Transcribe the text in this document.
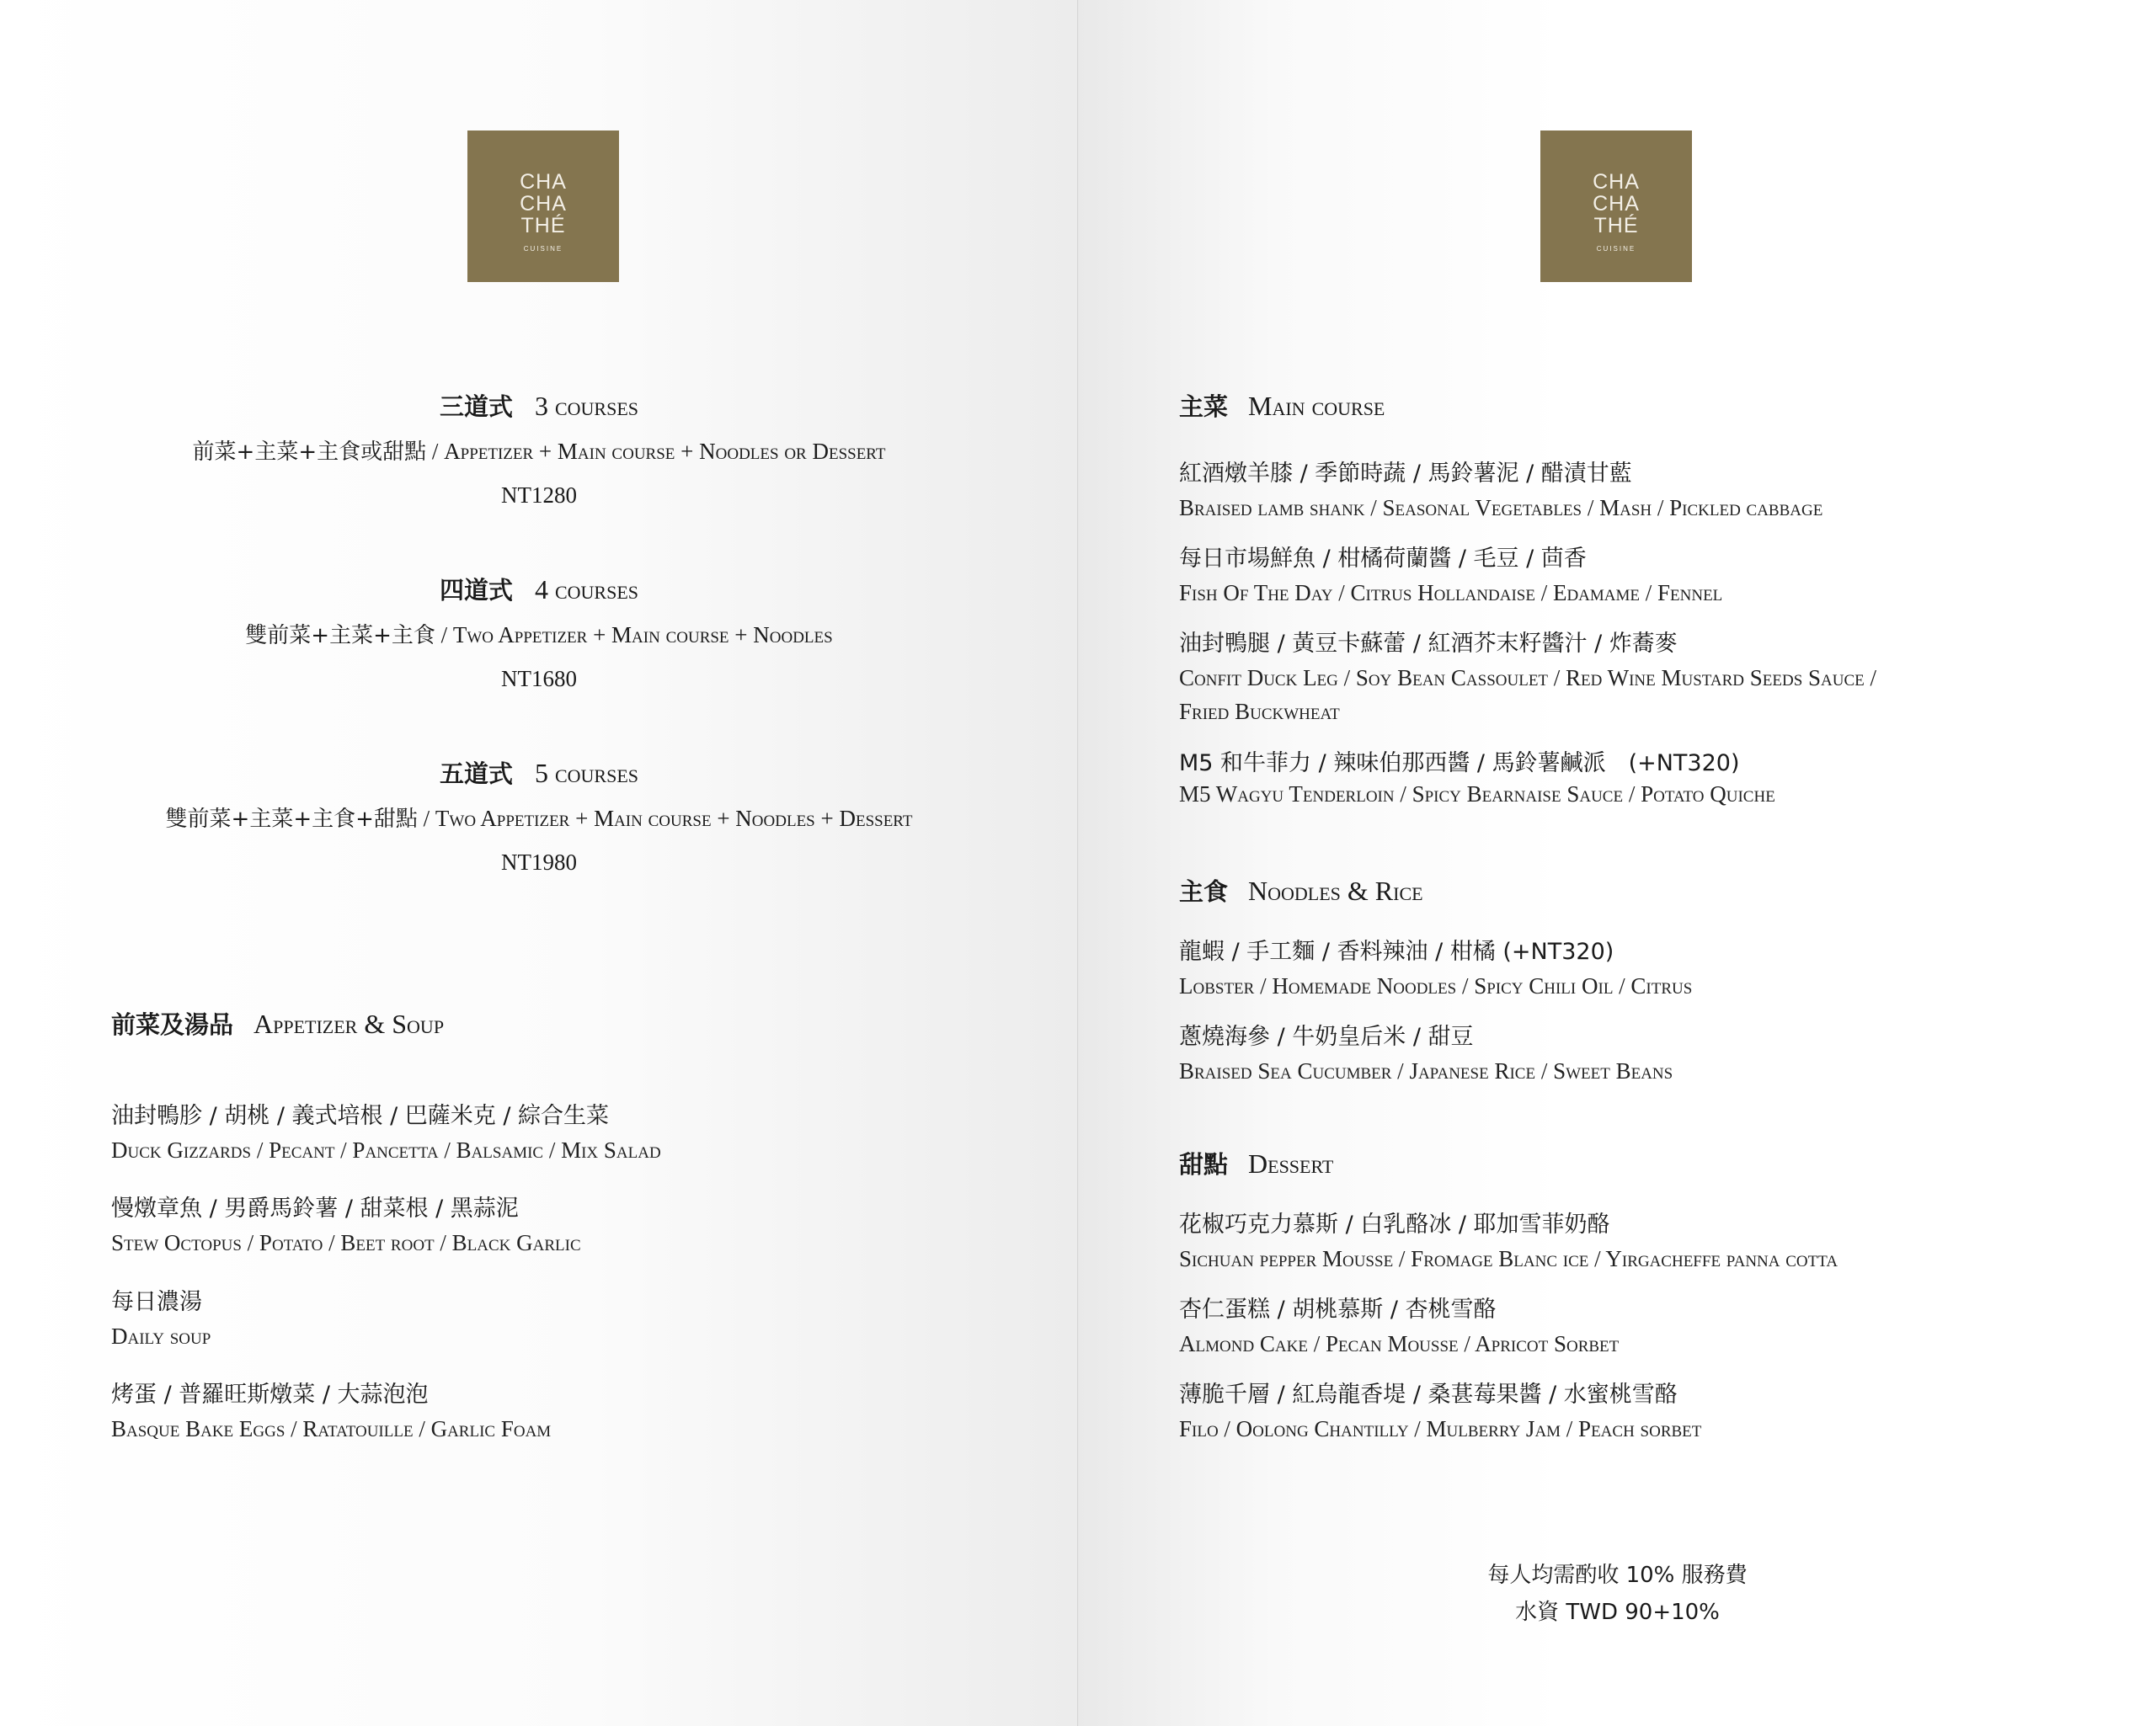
CHA
CHA
THÉ
CUISINE
三道式 3 courses
前菜+主菜+主食或甜點 / Appetizer + Main course + Noodles or Dessert
NT1280
四道式 4 courses
雙前菜+主菜+主食 / Two Appetizer + Main course + Noodles
NT1680
五道式 5 courses
雙前菜+主菜+主食+甜點 / Two Appetizer + Main course + Noodles + Dessert
NT1980
前菜及湯品 Appetizer & Soup
油封鴨胗 / 胡桃 / 義式培根 / 巴薩米克 / 綜合生菜
Duck Gizzards / Pecant / Pancetta / Balsamic / Mix Salad
慢燉章魚 / 男爵馬鈴薯 / 甜菜根 / 黑蒜泥
Stew Octopus / Potato / Beet root / Black Garlic
每日濃湯
Daily soup
烤蛋 / 普羅旺斯燉菜 / 大蒜泡泡
Basque Bake Eggs / Ratatouille / Garlic Foam
CHA
CHA
THÉ
CUISINE
主菜 Main course
紅酒燉羊膝 / 季節時蔬 / 馬鈴薯泥 / 醋漬甘藍
Braised lamb shank / Seasonal Vegetables / Mash / Pickled cabbage
每日市場鮮魚 / 柑橘荷蘭醬 / 毛豆 / 茴香
Fish Of The Day / Citrus Hollandaise / Edamame / Fennel
油封鴨腿 / 黃豆卡蘇蕾 / 紅酒芥末籽醬汁 / 炸蕎麥
Confit Duck Leg / Soy Bean Cassoulet / Red Wine Mustard Seeds Sauce /
Fried Buckwheat
M5 和牛菲力 / 辣味伯那西醬 / 馬鈴薯鹹派　(+NT320)
M5 Wagyu Tenderloin / Spicy Bearnaise Sauce / Potato Quiche
主食 Noodles & Rice
龍蝦 / 手工麵 / 香料辣油 / 柑橘 (+NT320)
Lobster / Homemade Noodles / Spicy Chili Oil / Citrus
蔥燒海參 / 牛奶皇后米 / 甜豆
Braised Sea Cucumber / Japanese Rice / Sweet Beans
甜點 Dessert
花椒巧克力慕斯 / 白乳酪冰 / 耶加雪菲奶酪
Sichuan pepper Mousse / Fromage Blanc ice / Yirgacheffe panna cotta
杏仁蛋糕 / 胡桃慕斯 / 杏桃雪酪
Almond Cake / Pecan Mousse / Apricot Sorbet
薄脆千層 / 紅烏龍香堤 / 桑葚莓果醬 / 水蜜桃雪酪
Filo / Oolong Chantilly / Mulberry Jam / Peach sorbet
每人均需酌收 10% 服務費
水資 TWD 90+10%
